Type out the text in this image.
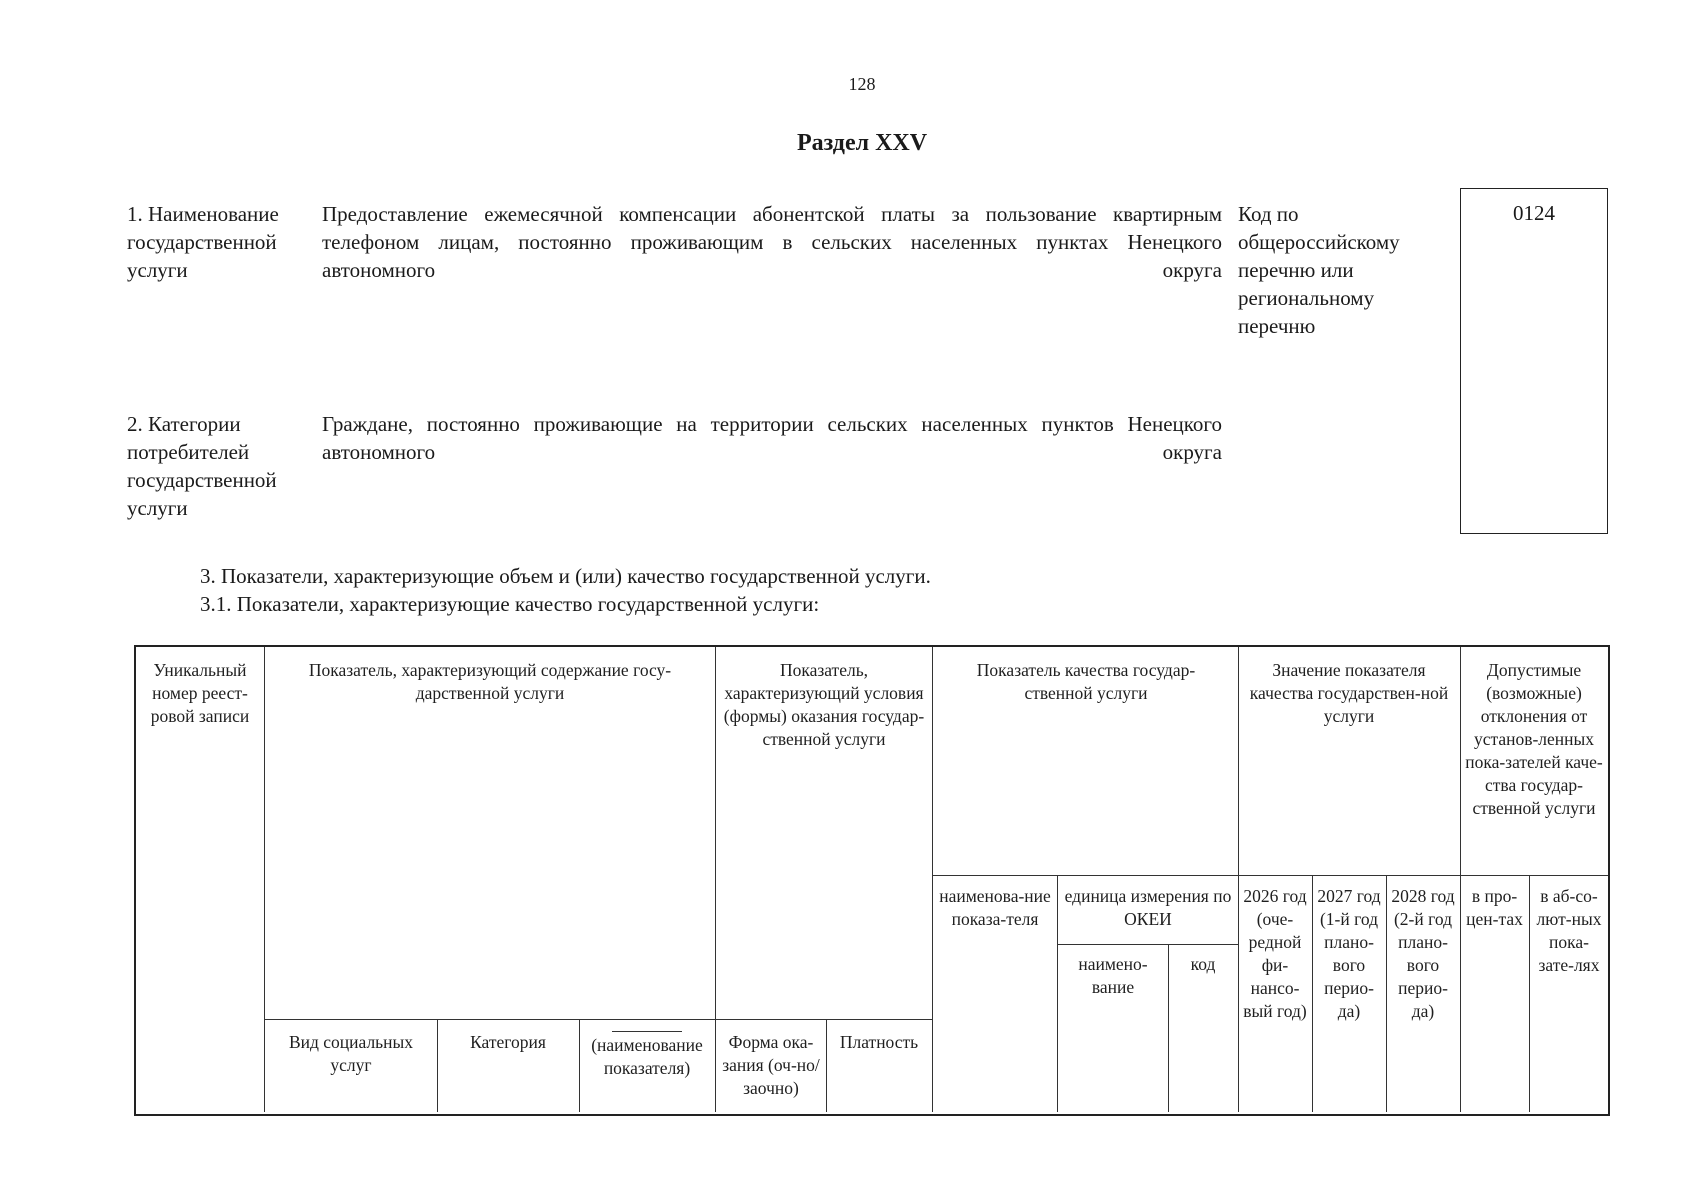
128
Раздел XXV
1. Наименование государственной услуги
Предоставление ежемесячной компенсации абонентской платы за пользование квартирным телефоном лицам, постоянно проживающим в сельских населенных пунктах Ненецкого автономного округа
Код по общероссийскому перечню или региональному перечню
0124
2. Категории потребителей государственной услуги
Граждане, постоянно проживающие на территории сельских населенных пунктов Ненецкого автономного округа
3. Показатели, характеризующие объем и (или) качество государственной услуги.
3.1. Показатели, характеризующие качество государственной услуги:
Уникальный номер реест-ровой записи
Показатель, характеризующий содержание госу-дарственной услуги
Показатель, характеризующий условия (формы) оказания государ-ственной услуги
Показатель качества государ-ственной услуги
Значение показателя качества государствен-ной услуги
Допустимые (возможные) отклонения от установ-ленных пока-зателей каче-ства государ-ственной услуги
наименова-ние показа-теля
единица измерения по ОКЕИ
наимено-вание
код
2026 год (оче-редной фи-нансо-вый год)
2027 год (1-й год плано-вого перио-да)
2028 год (2-й год плано-вого перио-да)
в про-цен-тах
в аб-со-лют-ных пока-зате-лях
Вид социальных услуг
Категория	(наименование показателя)
Форма ока-зания (оч-но/заочно)
Платность
